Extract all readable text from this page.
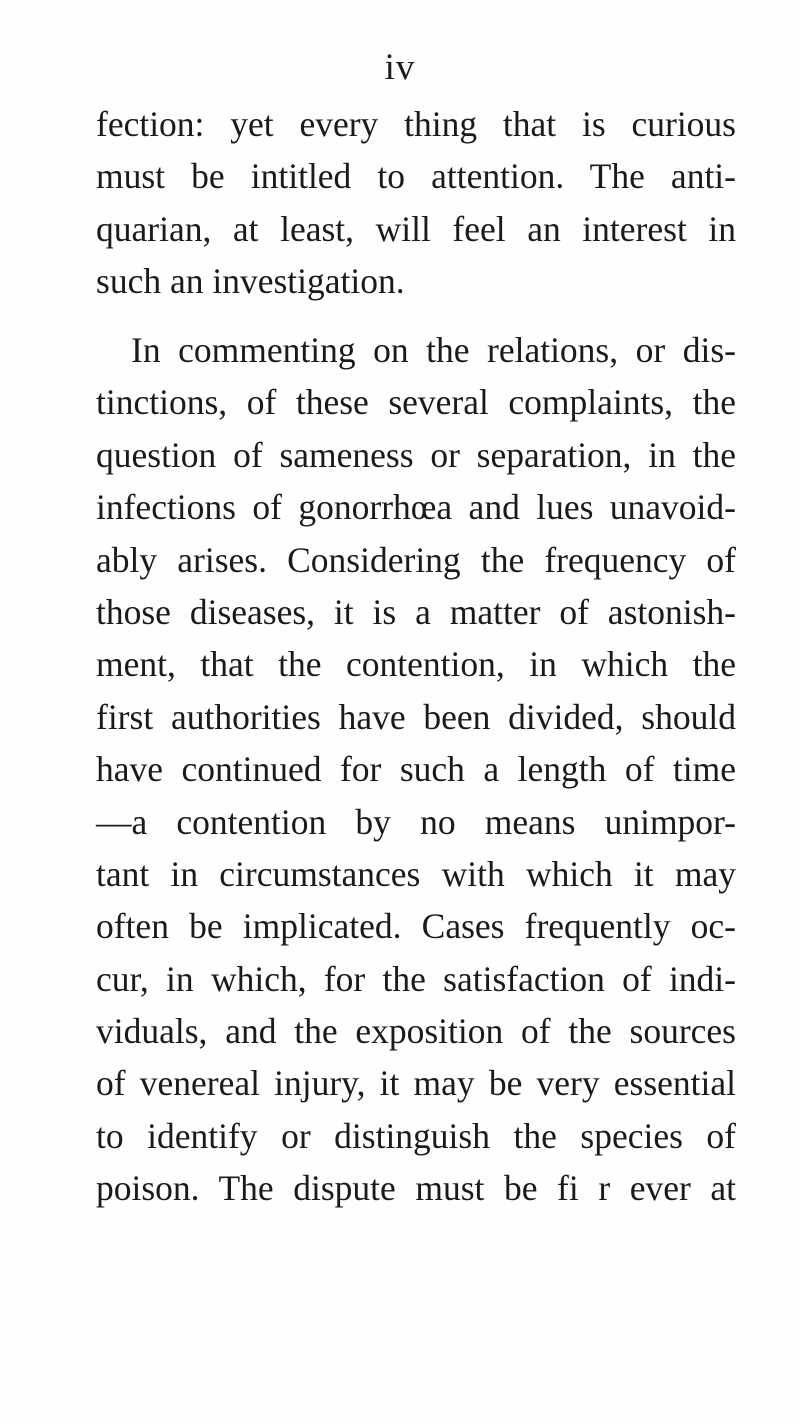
iv
fection: yet every thing that is curious
must be intitled to attention. The anti-
quarian, at least, will feel an interest in
such an investigation.
In commenting on the relations, or dis-
tinctions, of these several complaints, the
question of sameness or separation, in the
infections of gonorrhœa and lues unavoid-
ably arises. Considering the frequency of
those diseases, it is a matter of astonish-
ment, that the contention, in which the
first authorities have been divided, should
have continued for such a length of time
—a contention by no means unimpor-
tant in circumstances with which it may
often be implicated. Cases frequently oc-
cur, in which, for the satisfaction of indi-
viduals, and the exposition of the sources
of venereal injury, it may be very essential
to identify or distinguish the species of
poison. The dispute must be fi r ever at
